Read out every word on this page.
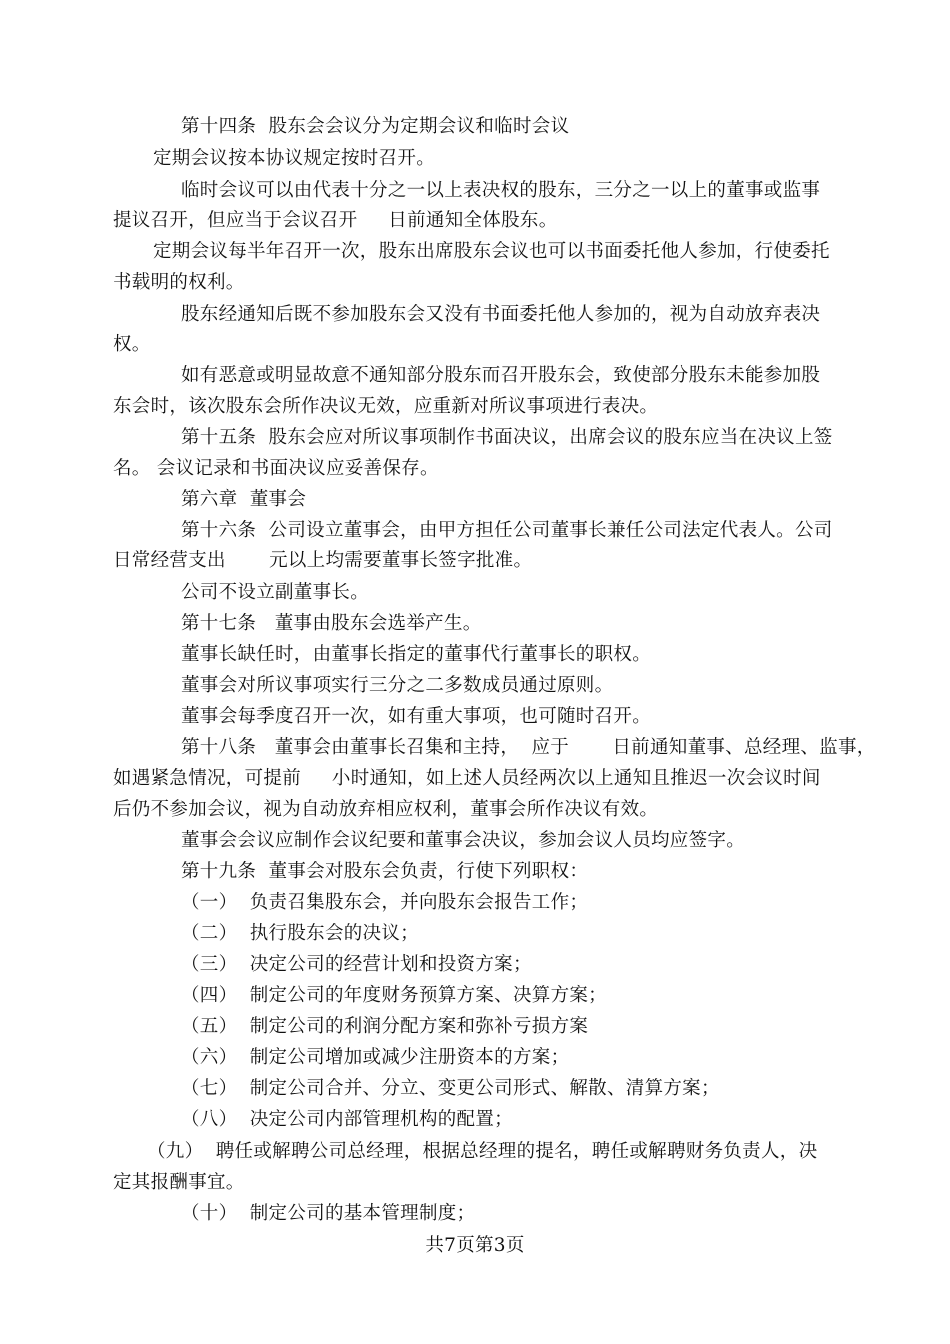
第十四条  股东会会议分为定期会议和临时会议
定期会议按本协议规定按时召开。
临时会议可以由代表十分之一以上表决权的股东，三分之一以上的董事或监事
提议召开，但应当于会议召开     日前通知全体股东。
定期会议每半年召开一次，股东出席股东会议也可以书面委托他人参加，行使委托
书载明的权利。
股东经通知后既不参加股东会又没有书面委托他人参加的，视为自动放弃表决
权。
如有恶意或明显故意不通知部分股东而召开股东会，致使部分股东未能参加股
东会时，该次股东会所作决议无效，应重新对所议事项进行表决。
第十五条  股东会应对所议事项制作书面决议，出席会议的股东应当在决议上签
名。 会议记录和书面决议应妥善保存。
第六章  董事会
第十六条  公司设立董事会，由甲方担任公司董事长兼任公司法定代表人。公司
日常经营支出       元以上均需要董事长签字批准。
公司不设立副董事长。
第十七条   董事由股东会选举产生。
董事长缺任时，由董事长指定的董事代行董事长的职权。
董事会对所议事项实行三分之二多数成员通过原则。
董事会每季度召开一次，如有重大事项，也可随时召开。
第十八条   董事会由董事长召集和主持，  应于       日前通知董事、总经理、监事，
如遇紧急情况，可提前     小时通知，如上述人员经两次以上通知且推迟一次会议时间
后仍不参加会议，视为自动放弃相应权利，董事会所作决议有效。
董事会会议应制作会议纪要和董事会决议，参加会议人员均应签字。
第十九条  董事会对股东会负责，行使下列职权：
（一）  负责召集股东会，并向股东会报告工作；
（二）  执行股东会的决议；
（三）  决定公司的经营计划和投资方案；
（四）  制定公司的年度财务预算方案、决算方案；
（五）  制定公司的利润分配方案和弥补亏损方案
（六）  制定公司增加或减少注册资本的方案；
（七）  制定公司合并、分立、变更公司形式、解散、清算方案；
（八）  决定公司内部管理机构的配置；
（九）  聘任或解聘公司总经理，根据总经理的提名，聘任或解聘财务负责人，决
定其报酬事宜。
（十）  制定公司的基本管理制度；
共7页第3页
